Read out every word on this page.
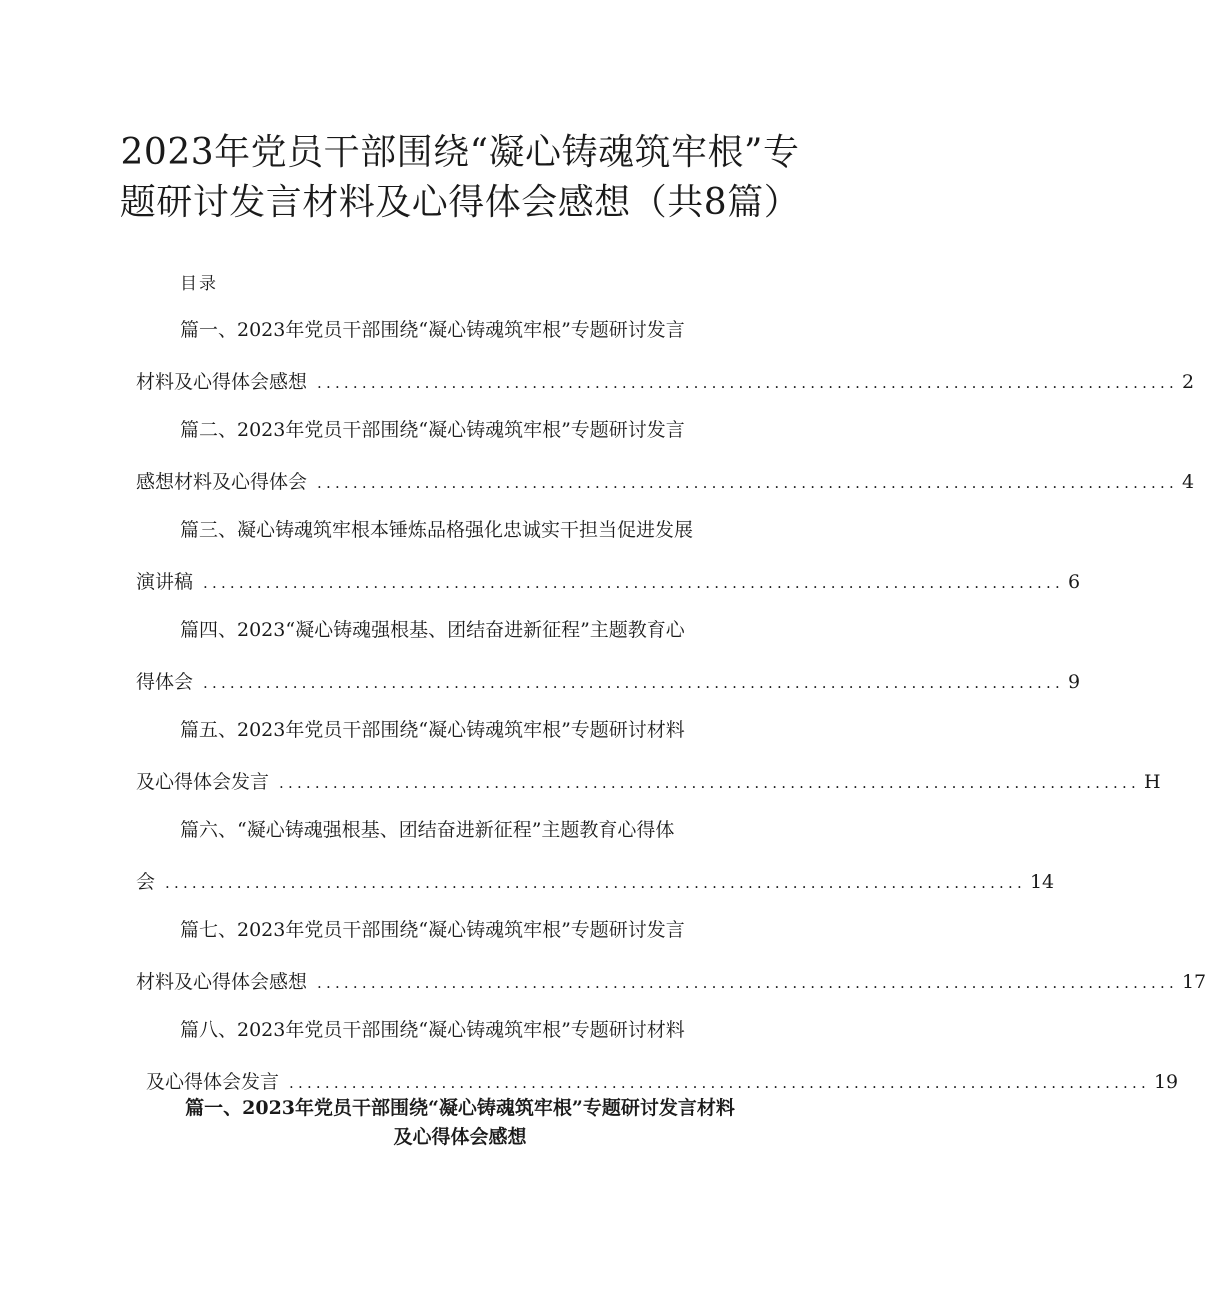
2023年党员干部围绕“凝心铸魂筑牢根”专
题研讨发言材料及心得体会感想（共8篇）
目录
篇一、2023年党员干部围绕“凝心铸魂筑牢根”专题研讨发言
材料及心得体会感想 ................................................................................................ 2
篇二、2023年党员干部围绕“凝心铸魂筑牢根”专题研讨发言
感想材料及心得体会 ................................................................................................ 4
篇三、凝心铸魂筑牢根本锤炼品格强化忠诚实干担当促进发展
演讲稿 ................................................................................................ 6
篇四、2023“凝心铸魂强根基、团结奋进新征程”主题教育心
得体会 ................................................................................................ 9
篇五、2023年党员干部围绕“凝心铸魂筑牢根”专题研讨材料
及心得体会发言 ................................................................................................ H
篇六、“凝心铸魂强根基、团结奋进新征程”主题教育心得体
会 ................................................................................................ 14
篇七、2023年党员干部围绕“凝心铸魂筑牢根”专题研讨发言
材料及心得体会感想 ................................................................................................ 17
篇八、2023年党员干部围绕“凝心铸魂筑牢根”专题研讨材料
及心得体会发言 ................................................................................................ 19
篇一、2023年党员干部围绕“凝心铸魂筑牢根”专题研讨发言材料
及心得体会感想
